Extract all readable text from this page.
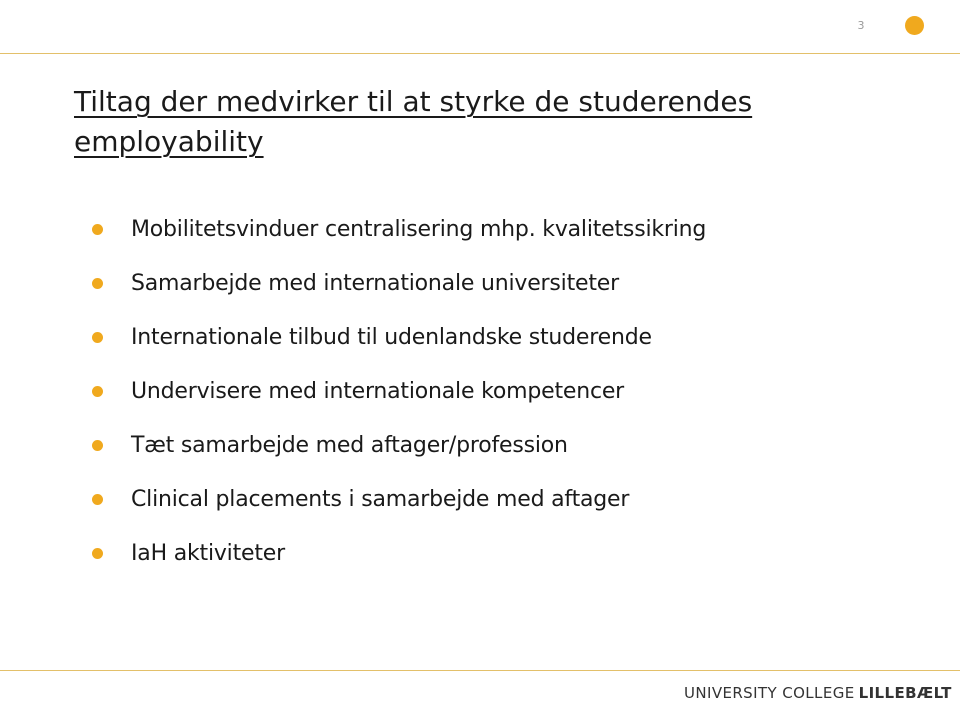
3
Tiltag der medvirker til at styrke de studerendes employability
Mobilitetsvinduer centralisering mhp. kvalitetssikring
Samarbejde med internationale universiteter
Internationale tilbud til udenlandske studerende
Undervisere med internationale kompetencer
Tæt samarbejde med aftager/profession
Clinical placements i samarbejde med aftager
IaH aktiviteter
UNIVERSITY COLLEGE LILLEBÆLT
